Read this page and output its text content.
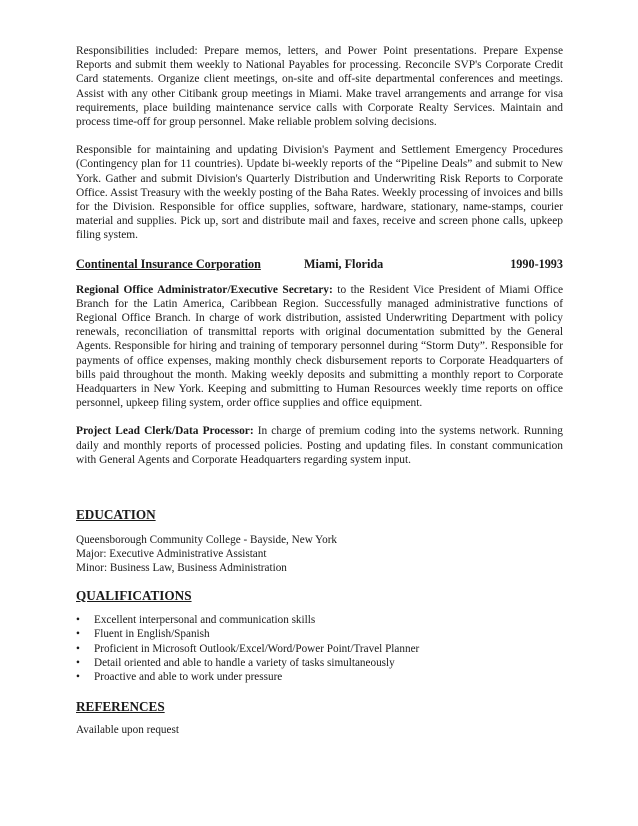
Responsibilities included: Prepare memos, letters, and Power Point presentations. Prepare Expense Reports and submit them weekly to National Payables for processing. Reconcile SVP's Corporate Credit Card statements. Organize client meetings, on-site and off-site departmental conferences and meetings. Assist with any other Citibank group meetings in Miami. Make travel arrangements and arrange for visa requirements, place building maintenance service calls with Corporate Realty Services. Maintain and process time-off for group personnel. Make reliable problem solving decisions.

Responsible for maintaining and updating Division's Payment and Settlement Emergency Procedures (Contingency plan for 11 countries). Update bi-weekly reports of the “Pipeline Deals” and submit to New York. Gather and submit Division's Quarterly Distribution and Underwriting Risk Reports to Corporate Office. Assist Treasury with the weekly posting of the Baha Rates. Weekly processing of invoices and bills for the Division. Responsible for office supplies, software, hardware, stationary, name-stamps, courier material and supplies. Pick up, sort and distribute mail and faxes, receive and screen phone calls, upkeep filing system.

Continental Insurance Corporation	Miami, Florida	1990-1993

Regional Office Administrator/Executive Secretary: to the Resident Vice President of Miami Office Branch for the Latin America, Caribbean Region. Successfully managed administrative functions of Regional Office Branch. In charge of work distribution, assisted Underwriting Department with policy renewals, reconciliation of transmittal reports with original documentation submitted by the General Agents. Responsible for hiring and training of temporary personnel during “Storm Duty”. Responsible for payments of office expenses, making monthly check disbursement reports to Corporate Headquarters of bills paid throughout the month. Making weekly deposits and submitting a monthly report to Corporate Headquarters in New York. Keeping and submitting to Human Resources weekly time reports on office personnel, upkeep filing system, order office supplies and office equipment.

Project Lead Clerk/Data Processor: In charge of premium coding into the systems network. Running daily and monthly reports of processed policies. Posting and updating files. In constant communication with General Agents and Corporate Headquarters regarding system input.

EDUCATION
Queensborough Community College - Bayside, New York
Major: Executive Administrative Assistant
Minor: Business Law, Business Administration
QUALIFICATIONS
• Excellent interpersonal and communication skills
• Fluent in English/Spanish
• Proficient in Microsoft Outlook/Excel/Word/Power Point/Travel Planner
• Detail oriented and able to handle a variety of tasks simultaneously
• Proactive and able to work under pressure
REFERENCES
Available upon request
